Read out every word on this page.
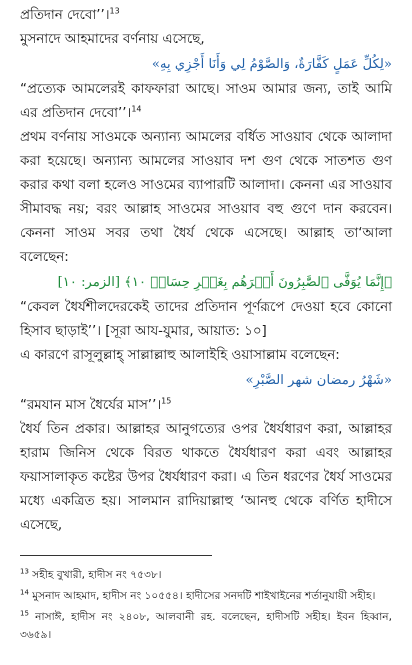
প্রতিদান দেবো’’।$^{13}$

মুসনাদে আহমাদের বর্ণনায় এসেছে,

«لِكُلِّ عَمَلٍ كَفَّارَةٌ، وَالصَّوْمُ لِي وَأَنَا أَجْزِي بِهِ»

“প্রত্যেক আমলেরই কাফফারা আছে। সাওম আমার জন্য, তাই আমি এর প্রতিদান দেবো’’।$^{14}$

প্রথম বর্ণনায় সাওমকে অন্যান্য আমলের বর্ধিত সাওয়াব থেকে আলাদা করা হয়েছে। অন্যান্য আমলের সাওয়াব দশ গুণ থেকে সাতশত গুণ করার কথা বলা হলেও সাওমের ব্যাপারটি আলাদা। কেননা এর সাওয়াব সীমাবদ্ধ নয়; বরং আল্লাহ সাওমের সাওয়াব বহু গুণে দান করবেন। কেননা সাওম সবর তথা ধৈর্য থেকে এসেছে। আল্লাহ তা‘আলা বলেছেন:

﴿إِنَّمَا يُوَفَّى ٱلصَّٰبِرُونَ أَجۡرَهُم بِغَيۡرِ حِسَابٖ ١٠﴾ [الزمر: ١٠]

“কেবল ধৈর্যশীলদেরকেই তাদের প্রতিদান পূর্ণরূপে দেওয়া হবে কোনো হিসাব ছাড়াই’’। [সূরা আয-যুমার, আয়াত: ১০]

এ কারণে রাসূলুল্লাহ্‌ সাল্লাল্লাহু আলাইহি ওয়াসাল্লাম বলেছেন:

«شَهْرُ رمضان شهر الصَّبْرِ»

“রমযান মাস ধৈর্যের মাস’’।$^{15}$

ধৈর্য তিন প্রকার। আল্লাহর আনুগত্যের ওপর ধৈর্যধারণ করা, আল্লাহর হারাম জিনিস থেকে বিরত থাকতে ধৈর্যধারণ করা এবং আল্লাহর ফয়াসালাকৃত কষ্টের উপর ধৈর্যধারণ করা। এ তিন ধরণের ধৈর্য সাওমের মধ্যে একত্রিত হয়। সালমান রাদিয়াল্লাহু ‘আনহু থেকে বর্ণিত হাদীসে এসেছে,

$^{13}$ সহীহ বুখারী, হাদীস নং ৭৫৩৮।

$^{14}$ মুসনাদ আহমাদ, হাদীস নং ১০৫৫৪। হাদীসের সনদটি শাইখাইনের শর্তানুযায়ী সহীহ।

$^{15}$ নাসাঈ, হাদীস নং ২৪০৮, আলবানী রহ. বলেছেন, হাদীসটি সহীহ। ইবন হিব্বান, ৩৬৫৯।
